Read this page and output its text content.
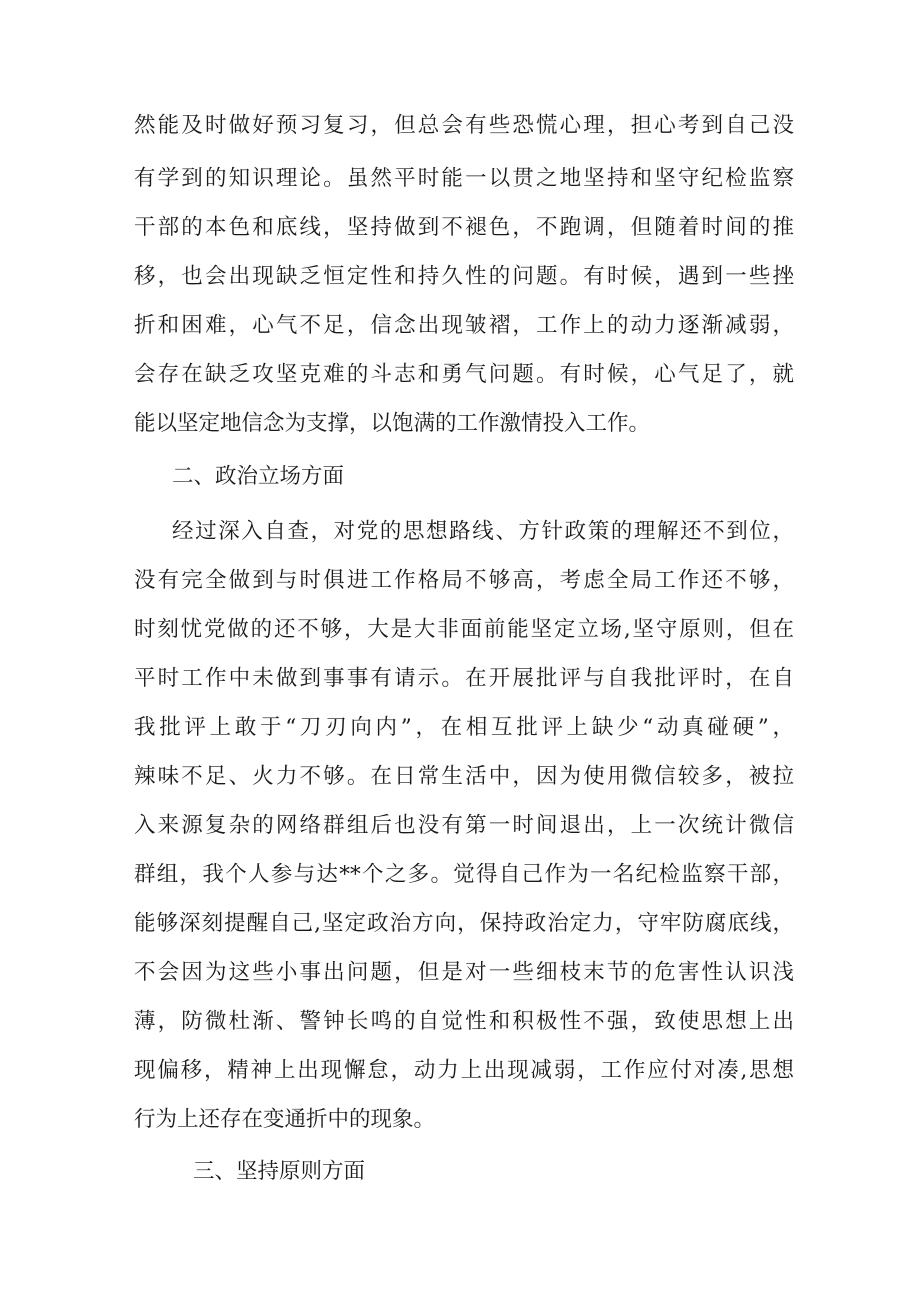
然能及时做好预习复习，但总会有些恐慌心理，担心考到自己没
有学到的知识理论。虽然平时能一以贯之地坚持和坚守纪检监察
干部的本色和底线，坚持做到不褪色，不跑调，但随着时间的推
移，也会出现缺乏恒定性和持久性的问题。有时候，遇到一些挫
折和困难，心气不足，信念出现皱褶，工作上的动力逐渐减弱，
会存在缺乏攻坚克难的斗志和勇气问题。有时候，心气足了，就
能以坚定地信念为支撑，以饱满的工作激情投入工作。
二、政治立场方面
经过深入自查，对党的思想路线、方针政策的理解还不到位，
没有完全做到与时俱进工作格局不够高，考虑全局工作还不够，
时刻忧党做的还不够，大是大非面前能坚定立场,坚守原则，但在
平时工作中未做到事事有请示。在开展批评与自我批评时，在自
我批评上敢于“刀刃向内”，在相互批评上缺少“动真碰硬”，
辣味不足、火力不够。在日常生活中，因为使用微信较多，被拉
入来源复杂的网络群组后也没有第一时间退出，上一次统计微信
群组，我个人参与达**个之多。觉得自己作为一名纪检监察干部，
能够深刻提醒自己,坚定政治方向，保持政治定力，守牢防腐底线，
不会因为这些小事出问题，但是对一些细枝末节的危害性认识浅
薄，防微杜渐、警钟长鸣的自觉性和积极性不强，致使思想上出
现偏移，精神上出现懈怠，动力上出现减弱，工作应付对凑,思想
行为上还存在变通折中的现象。
三、坚持原则方面
